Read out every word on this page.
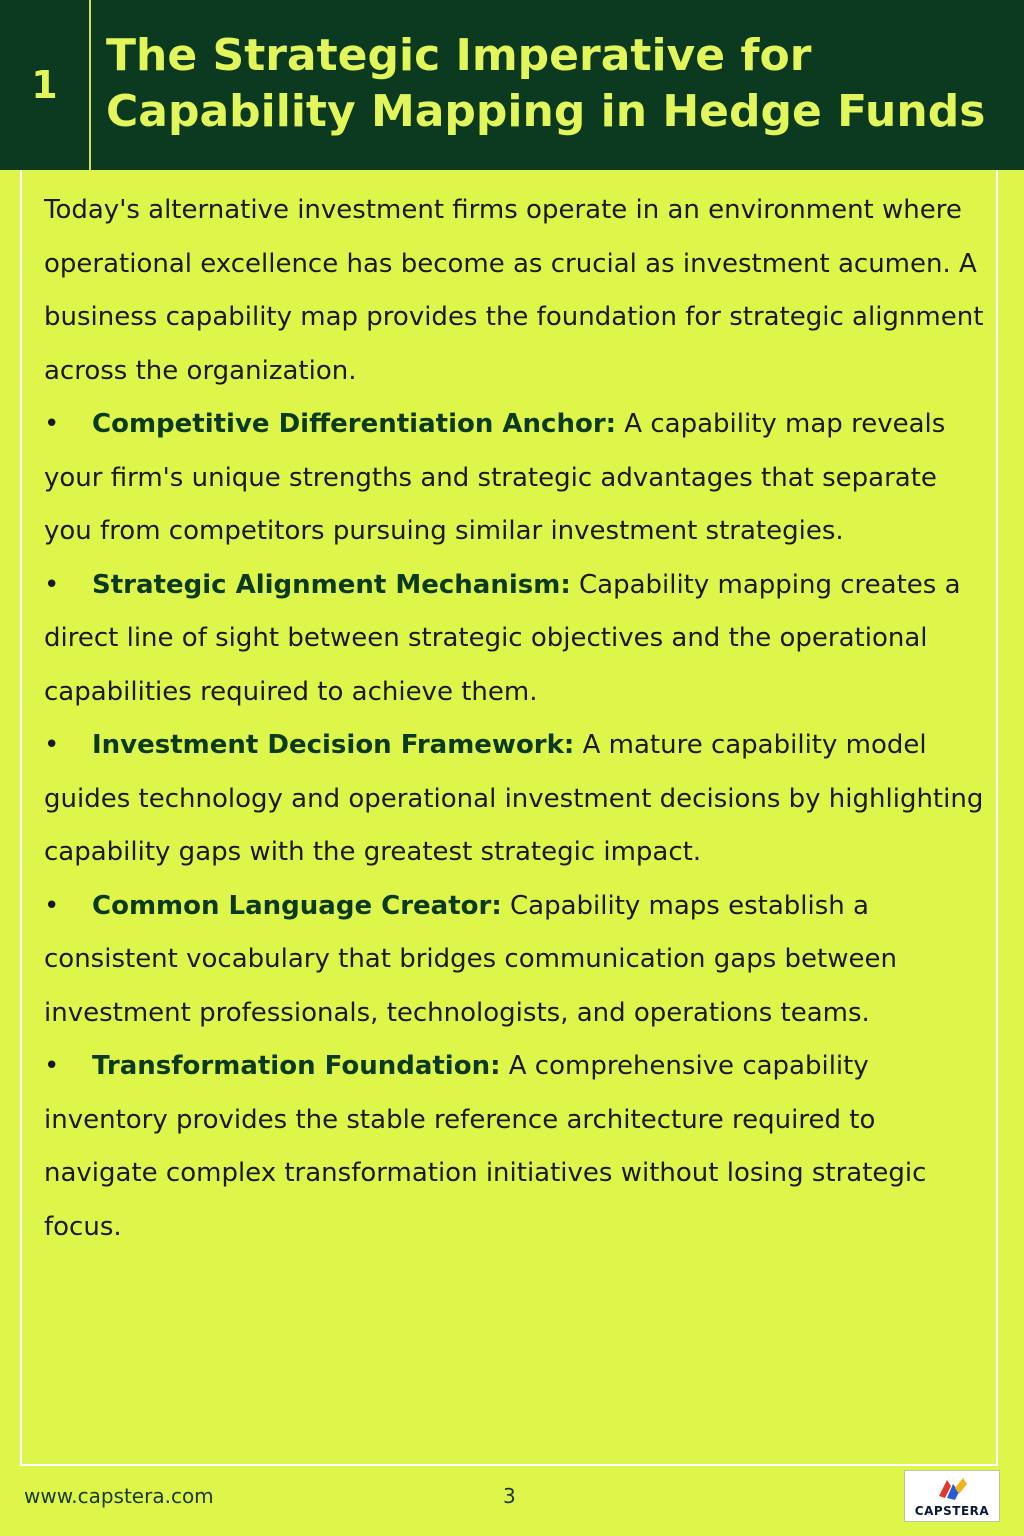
1
The Strategic Imperative for Capability Mapping in Hedge Funds

Today's alternative investment firms operate in an environment where operational excellence has become as crucial as investment acumen. A business capability map provides the foundation for strategic alignment across the organization.

• Competitive Differentiation Anchor: A capability map reveals your firm's unique strengths and strategic advantages that separate you from competitors pursuing similar investment strategies.

• Strategic Alignment Mechanism: Capability mapping creates a direct line of sight between strategic objectives and the operational capabilities required to achieve them.

• Investment Decision Framework: A mature capability model guides technology and operational investment decisions by highlighting capability gaps with the greatest strategic impact.

• Common Language Creator: Capability maps establish a consistent vocabulary that bridges communication gaps between investment professionals, technologists, and operations teams.

• Transformation Foundation: A comprehensive capability inventory provides the stable reference architecture required to navigate complex transformation initiatives without losing strategic focus.

www.capstera.com	3
CAPSTERA
